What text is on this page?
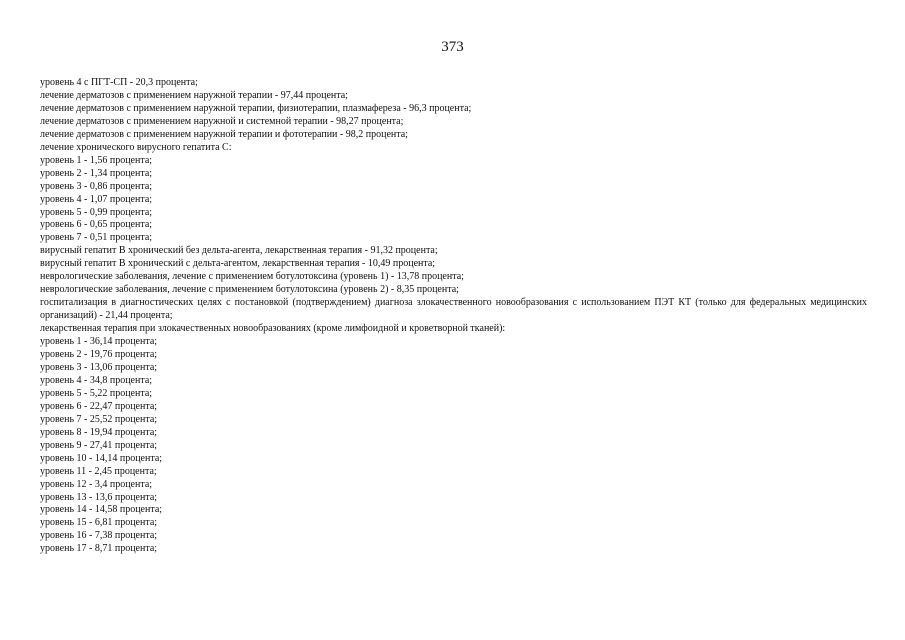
373
уровень 4 с ПГТ-СП - 20,3 процента;
лечение дерматозов с применением наружной терапии - 97,44 процента;
лечение дерматозов с применением наружной терапии, физиотерапии, плазмафереза - 96,3 процента;
лечение дерматозов с применением наружной и системной терапии - 98,27 процента;
лечение дерматозов с применением наружной терапии и фототерапии - 98,2 процента;
лечение хронического вирусного гепатита С:
уровень 1 - 1,56 процента;
уровень 2 - 1,34 процента;
уровень 3 - 0,86 процента;
уровень 4 - 1,07 процента;
уровень 5 - 0,99 процента;
уровень 6 - 0,65 процента;
уровень 7 - 0,51 процента;
вирусный гепатит В хронический без дельта-агента, лекарственная терапия - 91,32 процента;
вирусный гепатит В хронический с дельта-агентом, лекарственная терапия - 10,49 процента;
неврологические заболевания, лечение с применением ботулотоксина (уровень 1) - 13,78 процента;
неврологические заболевания, лечение с применением ботулотоксина (уровень 2) - 8,35 процента;
госпитализация в диагностических целях с постановкой (подтверждением) диагноза злокачественного новообразования с использованием ПЭТ КТ (только для федеральных медицинских организаций) - 21,44 процента;
лекарственная терапия при злокачественных новообразованиях (кроме лимфоидной и кроветворной тканей):
уровень 1 - 36,14 процента;
уровень 2 - 19,76 процента;
уровень 3 - 13,06 процента;
уровень 4 - 34,8 процента;
уровень 5 - 5,22 процента;
уровень 6 - 22,47 процента;
уровень 7 - 25,52 процента;
уровень 8 - 19,94 процента;
уровень 9 - 27,41 процента;
уровень 10 - 14,14 процента;
уровень 11 - 2,45 процента;
уровень 12 - 3,4 процента;
уровень 13 - 13,6 процента;
уровень 14 - 14,58 процента;
уровень 15 - 6,81 процента;
уровень 16 - 7,38 процента;
уровень 17 - 8,71 процента;
